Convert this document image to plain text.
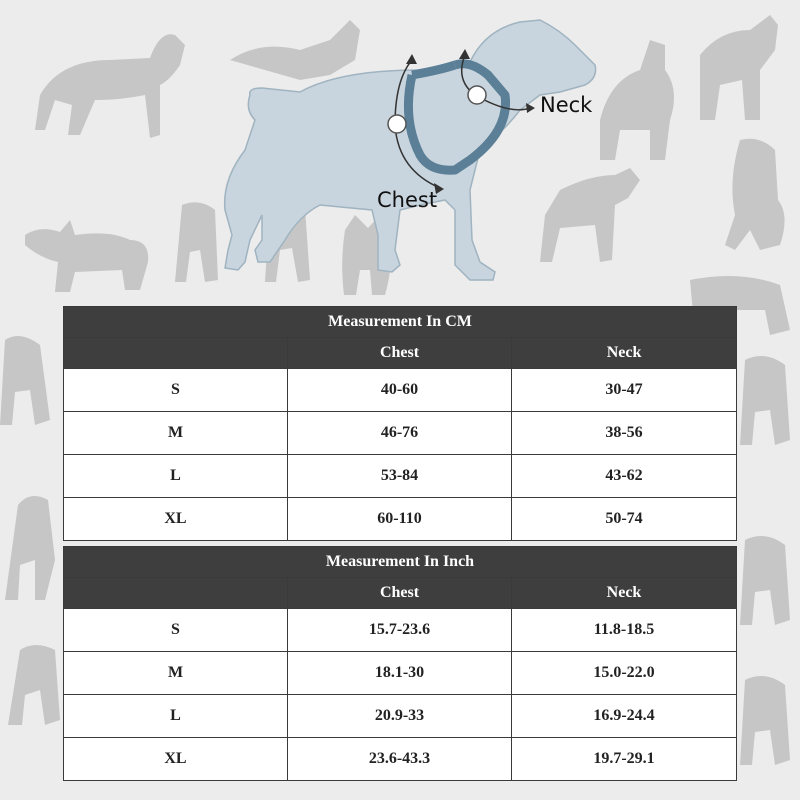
Chest
Neck
Measurement In CM		
	Chest	Neck
S	40-60	30-47
M	46-76	38-56
L	53-84	43-62
XL	60-110	50-74
Measurement In Inch		
	Chest	Neck
S	15.7-23.6	11.8-18.5
M	18.1-30	15.0-22.0
L	20.9-33	16.9-24.4
XL	23.6-43.3	19.7-29.1
